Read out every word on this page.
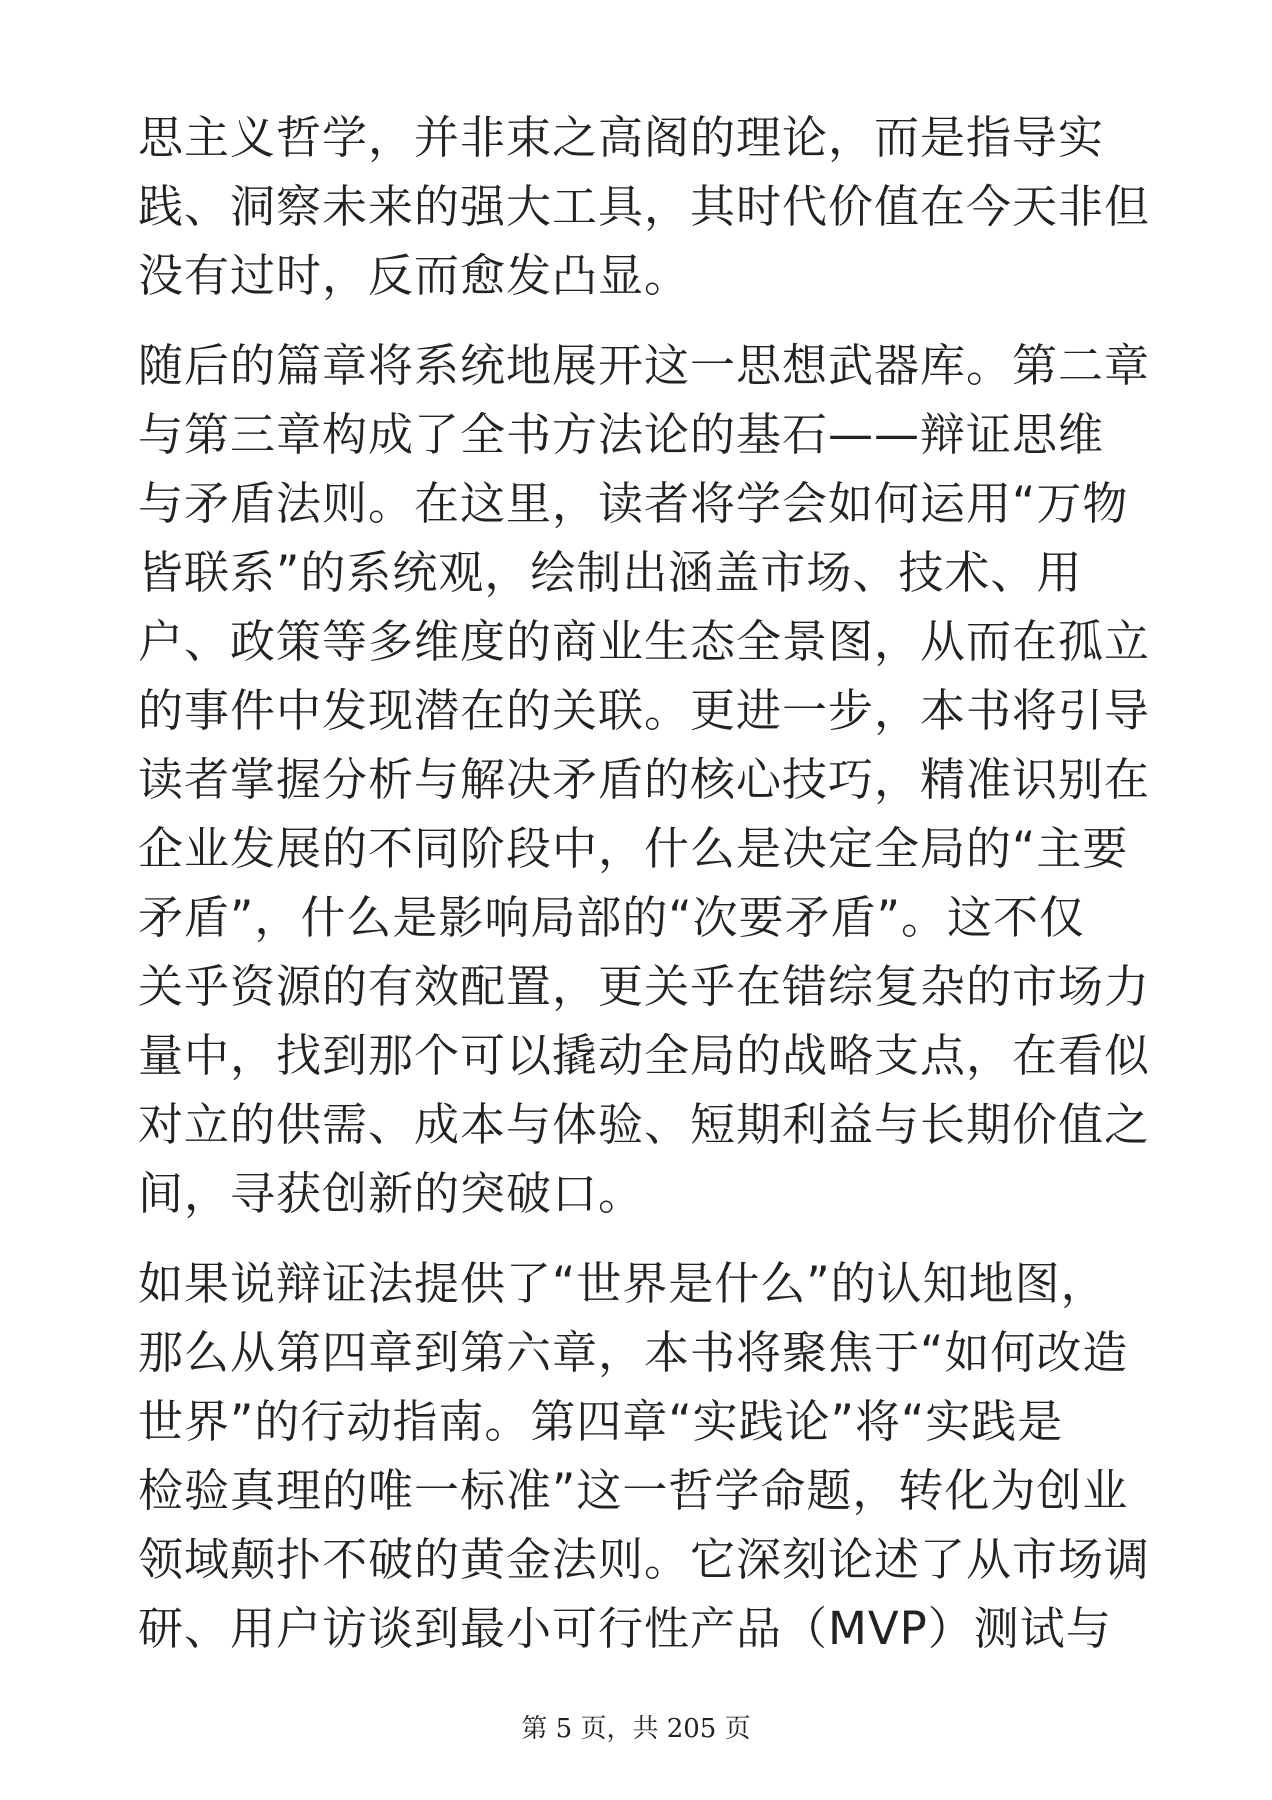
思主义哲学，并非束之高阁的理论，而是指导实
践、洞察未来的强大工具，其时代价值在今天非但
没有过时，反而愈发凸显。
随后的篇章将系统地展开这一思想武器库。第二章
与第三章构成了全书方法论的基石——辩证思维
与矛盾法则。在这里，读者将学会如何运用“万物
皆联系”的系统观，绘制出涵盖市场、技术、用
户、政策等多维度的商业生态全景图，从而在孤立
的事件中发现潜在的关联。更进一步，本书将引导
读者掌握分析与解决矛盾的核心技巧，精准识别在
企业发展的不同阶段中，什么是决定全局的“主要
矛盾”，什么是影响局部的“次要矛盾”。这不仅
关乎资源的有效配置，更关乎在错综复杂的市场力
量中，找到那个可以撬动全局的战略支点，在看似
对立的供需、成本与体验、短期利益与长期价值之
间，寻获创新的突破口。
如果说辩证法提供了“世界是什么”的认知地图，
那么从第四章到第六章，本书将聚焦于“如何改造
世界”的行动指南。第四章“实践论”将“实践是
检验真理的唯一标准”这一哲学命题，转化为创业
领域颠扑不破的黄金法则。它深刻论述了从市场调
研、用户访谈到最小可行性产品（MVP）测试与
第 5 页，共 205 页
